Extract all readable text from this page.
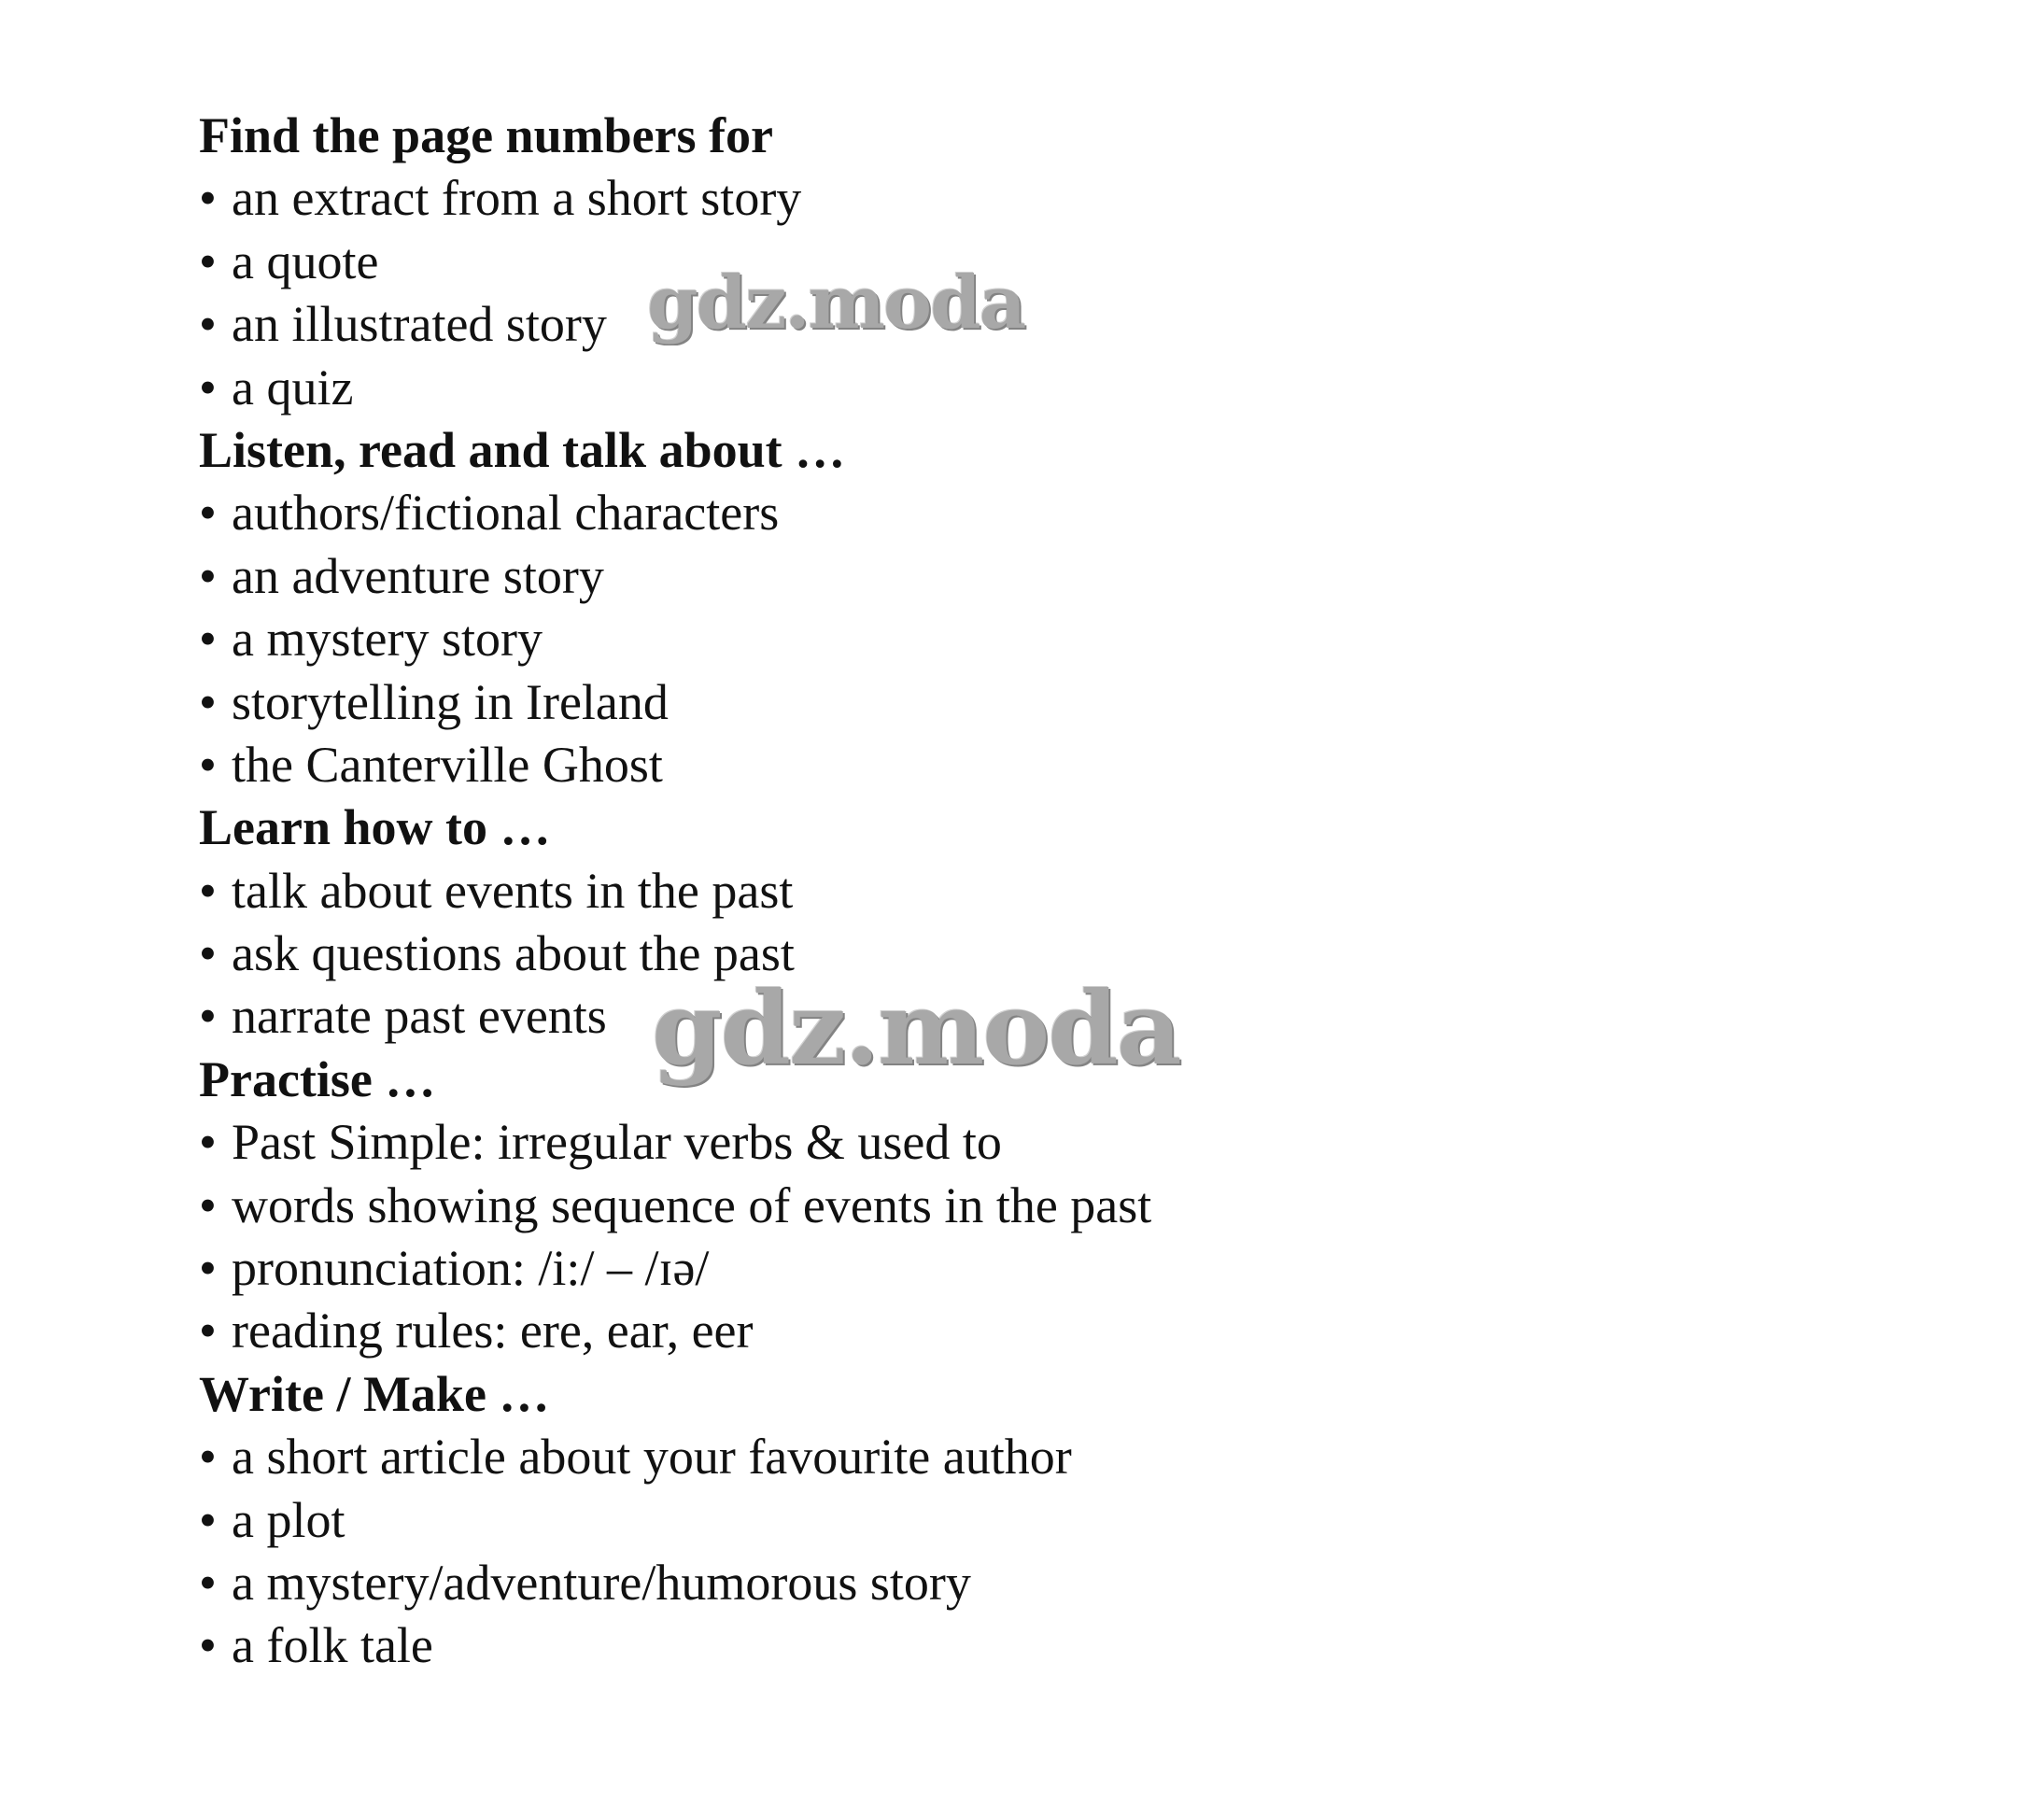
Find the page numbers for
• an extract from a short story
• a quote
• an illustrated story
• a quiz
Listen, read and talk about …
• authors/fictional characters
• an adventure story
• a mystery story
• storytelling in Ireland
• the Canterville Ghost
Learn how to …
• talk about events in the past
• ask questions about the past
• narrate past events
Practise …
• Past Simple: irregular verbs & used to
• words showing sequence of events in the past
• pronunciation: /i:/ – /ɪə/
• reading rules: ere, ear, eer
Write / Make …
• a short article about your favourite author
• a plot
• a mystery/adventure/humorous story
• a folk tale
gdz.moda
gdz.moda
